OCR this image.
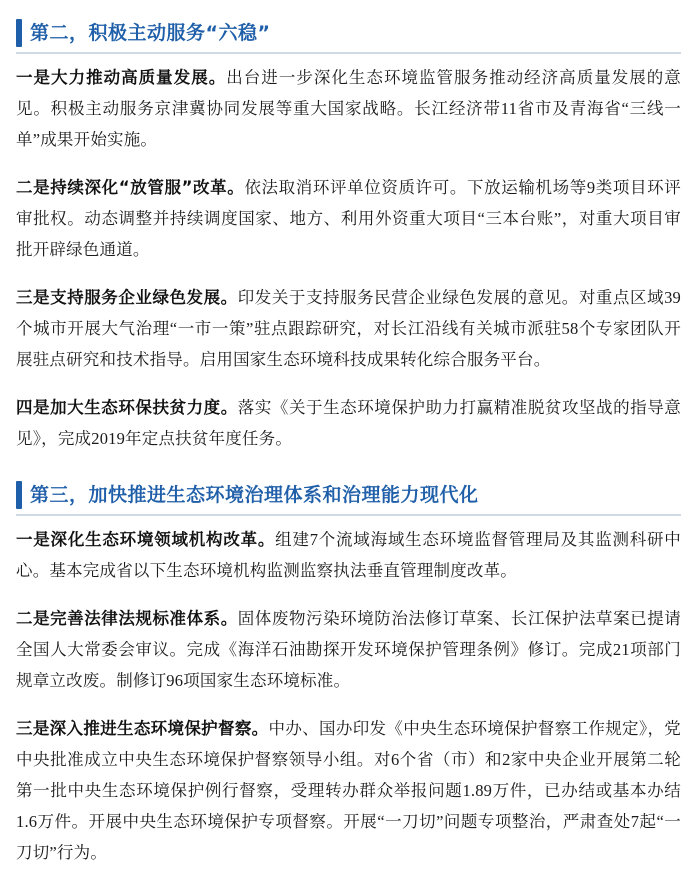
第二，积极主动服务“六稳”

一是大力推动高质量发展。出台进一步深化生态环境监管服务推动经济高质量发展的意见。积极主动服务京津冀协同发展等重大国家战略。长江经济带11省市及青海省“三线一单”成果开始实施。

二是持续深化“放管服”改革。依法取消环评单位资质许可。下放运输机场等9类项目环评审批权。动态调整并持续调度国家、地方、利用外资重大项目“三本台账”，对重大项目审批开辟绿色通道。

三是支持服务企业绿色发展。印发关于支持服务民营企业绿色发展的意见。对重点区域39个城市开展大气治理“一市一策”驻点跟踪研究，对长江沿线有关城市派驻58个专家团队开展驻点研究和技术指导。启用国家生态环境科技成果转化综合服务平台。

四是加大生态环保扶贫力度。落实《关于生态环境保护助力打赢精准脱贫攻坚战的指导意见》，完成2019年定点扶贫年度任务。

第三，加快推进生态环境治理体系和治理能力现代化

一是深化生态环境领域机构改革。组建7个流域海域生态环境监督管理局及其监测科研中心。基本完成省以下生态环境机构监测监察执法垂直管理制度改革。

二是完善法律法规标准体系。固体废物污染环境防治法修订草案、长江保护法草案已提请全国人大常委会审议。完成《海洋石油勘探开发环境保护管理条例》修订。完成21项部门规章立改废。制修订96项国家生态环境标准。

三是深入推进生态环境保护督察。中办、国办印发《中央生态环境保护督察工作规定》，党中央批准成立中央生态环境保护督察领导小组。对6个省（市）和2家中央企业开展第二轮第一批中央生态环境保护例行督察，受理转办群众举报问题1.89万件，已办结或基本办结1.6万件。开展中央生态环境保护专项督察。开展“一刀切”问题专项整治，严肃查处7起“一刀切”行为。
